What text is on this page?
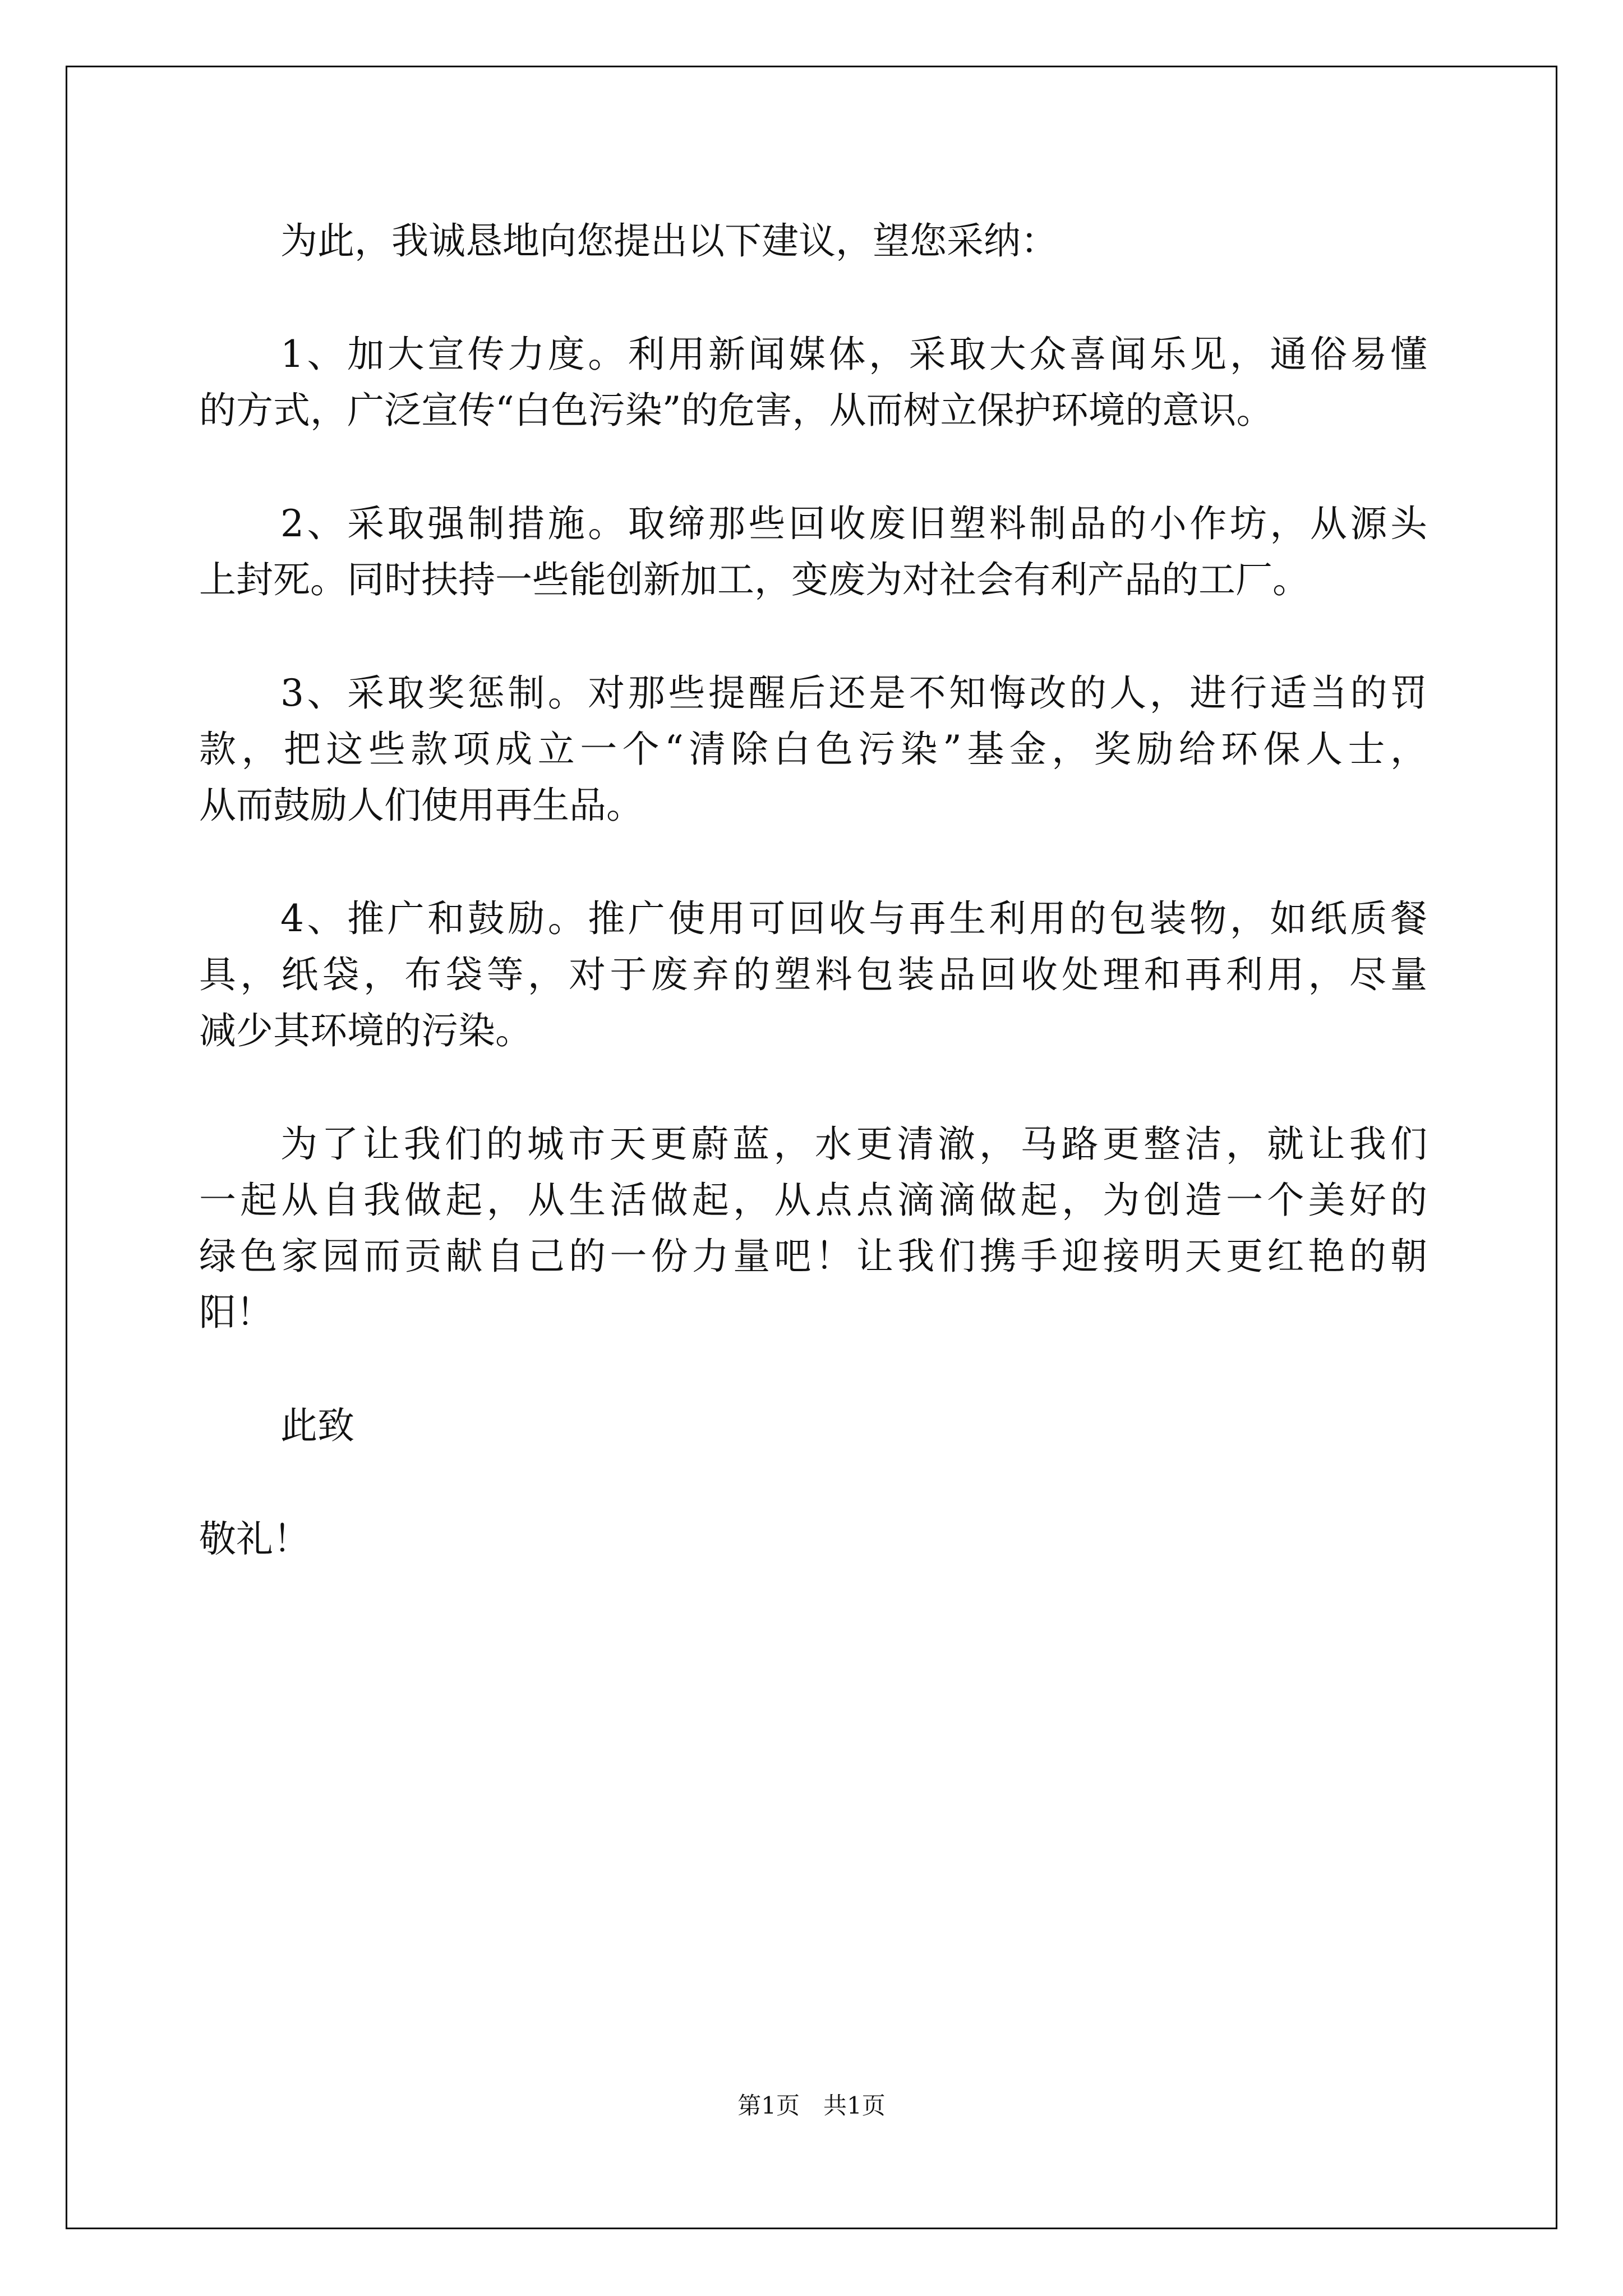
为此，我诚恳地向您提出以下建议，望您采纳：
1、加大宣传力度。利用新闻媒体，采取大众喜闻乐见，通俗易懂
的方式，广泛宣传“白色污染”的危害，从而树立保护环境的意识。
2、采取强制措施。取缔那些回收废旧塑料制品的小作坊，从源头
上封死。同时扶持一些能创新加工，变废为对社会有利产品的工厂。
3、采取奖惩制。对那些提醒后还是不知悔改的人，进行适当的罚
款，把这些款项成立一个“清除白色污染”基金，奖励给环保人士，
从而鼓励人们使用再生品。
4、推广和鼓励。推广使用可回收与再生利用的包装物，如纸质餐
具，纸袋，布袋等，对于废弃的塑料包装品回收处理和再利用，尽量
减少其环境的污染。
为了让我们的城市天更蔚蓝，水更清澈，马路更整洁，就让我们
一起从自我做起，从生活做起，从点点滴滴做起，为创造一个美好的
绿色家园而贡献自己的一份力量吧！让我们携手迎接明天更红艳的朝
阳！
此致
敬礼！
第1页　共1页
